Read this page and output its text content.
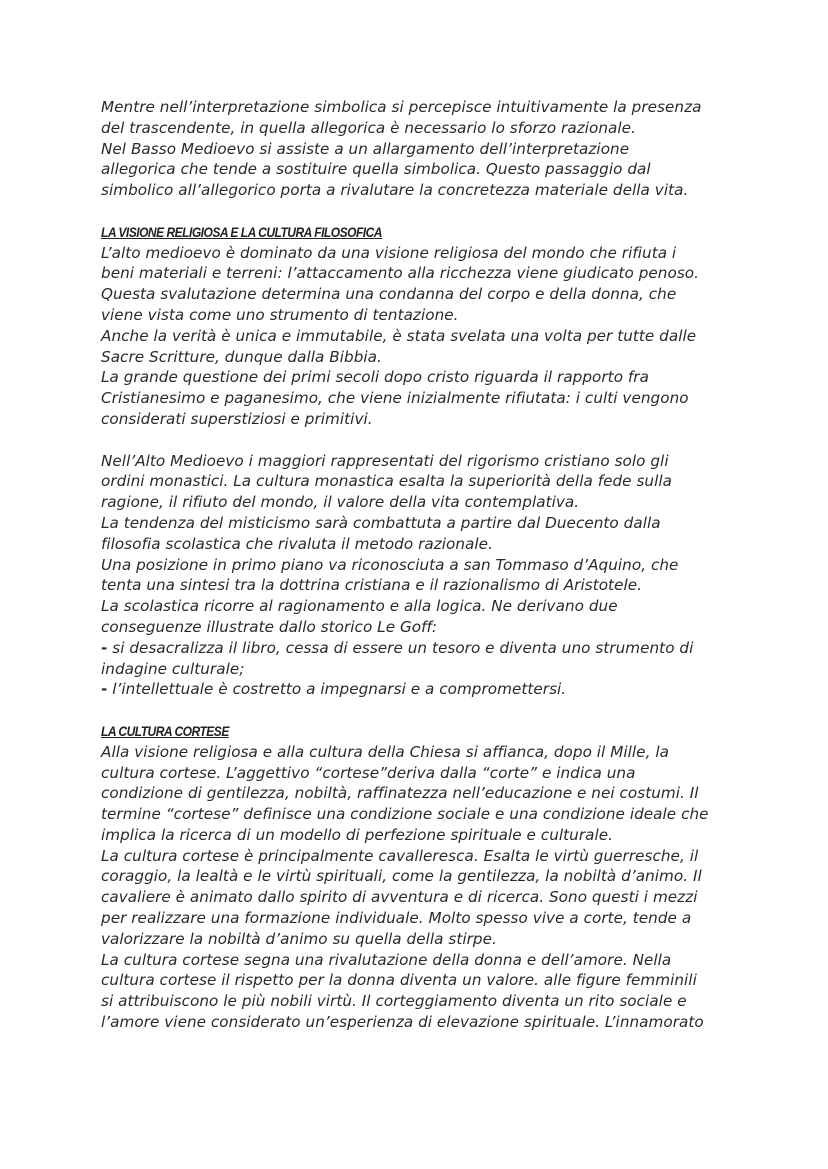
Mentre nell’interpretazione simbolica si percepisce intuitivamente la presenza
del trascendente, in quella allegorica è necessario lo sforzo razionale.
Nel Basso Medioevo si assiste a un allargamento dell’interpretazione
allegorica che tende a sostituire quella simbolica. Questo passaggio dal
simbolico all’allegorico porta a rivalutare la concretezza materiale della vita.
LA VISIONE RELIGIOSA E LA CULTURA FILOSOFICA
L’alto medioevo è dominato da una visione religiosa del mondo che rifiuta i
beni materiali e terreni: l’attaccamento alla ricchezza viene giudicato penoso.
Questa svalutazione determina una condanna del corpo e della donna, che
viene vista come uno strumento di tentazione.
Anche la verità è unica e immutabile, è stata svelata una volta per tutte dalle
Sacre Scritture, dunque dalla Bibbia.
La grande questione dei primi secoli dopo cristo riguarda il rapporto fra
Cristianesimo e paganesimo, che viene inizialmente rifiutata: i culti vengono
considerati superstiziosi e primitivi.
Nell’Alto Medioevo i maggiori rappresentati del rigorismo cristiano solo gli
ordini monastici. La cultura monastica esalta la superiorità della fede sulla
ragione, il rifiuto del mondo, il valore della vita contemplativa.
La tendenza del misticismo sarà combattuta a partire dal Duecento dalla
filosofia scolastica che rivaluta il metodo razionale.
Una posizione in primo piano va riconosciuta a san Tommaso d’Aquino, che
tenta una sintesi tra la dottrina cristiana e il razionalismo di Aristotele.
La scolastica ricorre al ragionamento e alla logica. Ne derivano due
conseguenze illustrate dallo storico Le Goff:
- si desacralizza il libro, cessa di essere un tesoro e diventa uno strumento di
indagine culturale;
- l’intellettuale è costretto a impegnarsi e a compromettersi.
LA CULTURA CORTESE
Alla visione religiosa e alla cultura della Chiesa si affianca, dopo il Mille, la
cultura cortese. L’aggettivo “cortese”deriva dalla “corte” e indica una
condizione di gentilezza, nobiltà, raffinatezza nell’educazione e nei costumi. Il
termine “cortese” definisce una condizione sociale e una condizione ideale che
implica la ricerca di un modello di perfezione spirituale e culturale.
La cultura cortese è principalmente cavalleresca. Esalta le virtù guerresche, il
coraggio, la lealtà e le virtù spirituali, come la gentilezza, la nobiltà d’animo. Il
cavaliere è animato dallo spirito di avventura e di ricerca. Sono questi i mezzi
per realizzare una formazione individuale. Molto spesso vive a corte, tende a
valorizzare la nobiltà d’animo su quella della stirpe.
La cultura cortese segna una rivalutazione della donna e dell’amore. Nella
cultura cortese il rispetto per la donna diventa un valore. alle figure femminili
si attribuiscono le più nobili virtù. Il corteggiamento diventa un rito sociale e
l’amore viene considerato un’esperienza di elevazione spirituale. L’innamorato
